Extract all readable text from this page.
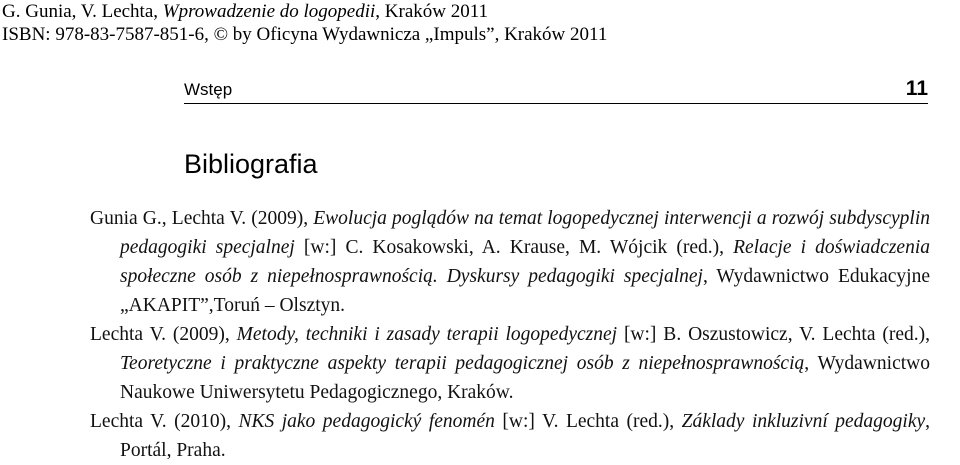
G. Gunia, V. Lechta, Wprowadzenie do logopedii, Kraków 2011
ISBN: 978-83-7587-851-6, © by Oficyna Wydawnicza „Impuls”, Kraków 2011
Wstęp	11
Bibliografia

Gunia G., Lechta V. (2009), Ewolucja poglądów na temat logopedycznej interwencji a rozwój subdyscyplin pedagogiki specjalnej [w:] C. Kosakowski, A. Krause, M. Wójcik (red.), Relacje i doświadczenia społeczne osób z niepełnosprawnością. Dyskursy pedagogiki specjalnej, Wydawnictwo Edukacyjne „AKAPIT”,Toruń – Olsztyn.

Lechta V. (2009), Metody, techniki i zasady terapii logopedycznej [w:] B. Oszustowicz, V. Lechta (red.), Teoretyczne i praktyczne aspekty terapii pedagogicznej osób z niepełnosprawnością, Wydawnictwo Naukowe Uniwersytetu Pedagogicznego, Kraków.

Lechta V. (2010), NKS jako pedagogický fenomén [w:] V. Lechta (red.), Základy inkluzivní pedagogiky, Portál, Praha.
